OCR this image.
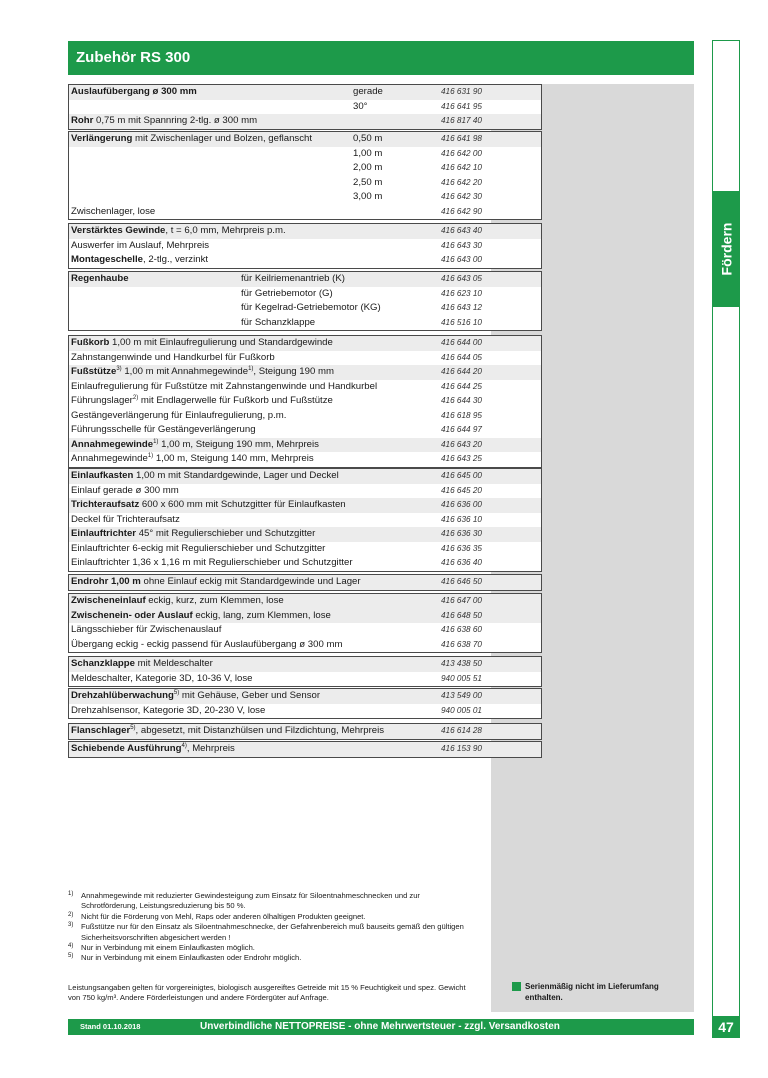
Zubehör RS 300
Fördern
Auslaufübergang ø 300 mm	gerade	416 631 90
30°	416 641 95
Rohr 0,75 m mit Spannring 2-tlg. ø 300 mm	416 817 40
Verlängerung mit Zwischenlager und Bolzen, geflanscht	0,50 m	416 641 98
1,00 m	416 642 00
2,00 m	416 642 10
2,50 m	416 642 20
3,00 m	416 642 30
Zwischenlager, lose	416 642 90
Verstärktes Gewinde, t = 6,0 mm, Mehrpreis p.m.	416 643 40
Auswerfer im Auslauf, Mehrpreis	416 643 30
Montageschelle, 2-tlg., verzinkt	416 643 00
Regenhaube	für Keilriemenantrieb (K)	416 643 05
für Getriebemotor (G)	416 623 10
für Kegelrad-Getriebemotor (KG)	416 643 12
für Schanzklappe	416 516 10
Fußkorb 1,00 m mit Einlaufregulierung und Standardgewinde	416 644 00
Zahnstangenwinde und Handkurbel für Fußkorb	416 644 05
Fußstütze$^{3)}$ 1,00 m mit Annahmegewinde$^{1)}$, Steigung 190 mm	416 644 20
Einlaufregulierung für Fußstütze mit Zahnstangenwinde und Handkurbel	416 644 25
Führungslager$^{2)}$ mit Endlagerwelle für Fußkorb und Fußstütze	416 644 30
Gestängeverlängerung für Einlaufregulierung, p.m.	416 618 95
Führungsschelle für Gestängeverlängerung	416 644 97
Annahmegewinde$^{1)}$ 1,00 m, Steigung 190 mm, Mehrpreis	416 643 20
Annahmegewinde$^{1)}$ 1,00 m, Steigung 140 mm, Mehrpreis	416 643 25
Einlaufkasten 1,00 m mit Standardgewinde, Lager und Deckel	416 645 00
Einlauf gerade ø 300 mm	416 645 20
Trichteraufsatz 600 x 600 mm mit Schutzgitter für Einlaufkasten	416 636 00
Deckel für Trichteraufsatz	416 636 10
Einlauftrichter 45° mit Regulierschieber und Schutzgitter	416 636 30
Einlauftrichter 6-eckig mit Regulierschieber und Schutzgitter	416 636 35
Einlauftrichter 1,36 x 1,16 m mit Regulierschieber und Schutzgitter	416 636 40
Endrohr 1,00 m ohne Einlauf eckig mit Standardgewinde und Lager	416 646 50
Zwischeneinlauf eckig, kurz, zum Klemmen, lose	416 647 00
Zwischenein- oder Auslauf eckig, lang, zum Klemmen, lose	416 648 50
Längsschieber für Zwischenauslauf	416 638 60
Übergang eckig - eckig passend für Auslaufübergang ø 300 mm	416 638 70
Schanzklappe mit Meldeschalter	413 438 50
Meldeschalter, Kategorie 3D, 10-36 V, lose	940 005 51
Drehzahlüberwachung$^{5)}$ mit Gehäuse, Geber und Sensor	413 549 00
Drehzahlsensor, Kategorie 3D, 20-230 V, lose	940 005 01
Flanschlager$^{5)}$, abgesetzt, mit Distanzhülsen und Filzdichtung, Mehrpreis	416 614 28
Schiebende Ausführung$^{4)}$, Mehrpreis	416 153 90
1) Annahmegewinde mit reduzierter Gewindesteigung zum Einsatz für Siloentnahmeschnecken und zur Schrotförderung, Leistungsreduzierung bis 50 %.
2) Nicht für die Förderung von Mehl, Raps oder anderen ölhaltigen Produkten geeignet.
3) Fußstütze nur für den Einsatz als Siloentnahmeschnecke, der Gefahrenbereich muß bauseits gemäß den gültigen Sicherheitsvorschriften abgesichert werden !
4) Nur in Verbindung mit einem Einlaufkasten möglich.
5) Nur in Verbindung mit einem Einlaufkasten oder Endrohr möglich.
Leistungsangaben gelten für vorgereinigtes, biologisch ausgereiftes Getreide mit 15 % Feuchtigkeit und spez. Gewicht von 750 kg/m³. Andere Förderleistungen und andere Fördergüter auf Anfrage.
Serienmäßig nicht im Lieferumfang enthalten.
Stand 01.10.2018	Unverbindliche NETTOPREISE - ohne Mehrwertsteuer - zzgl. Versandkosten	47
